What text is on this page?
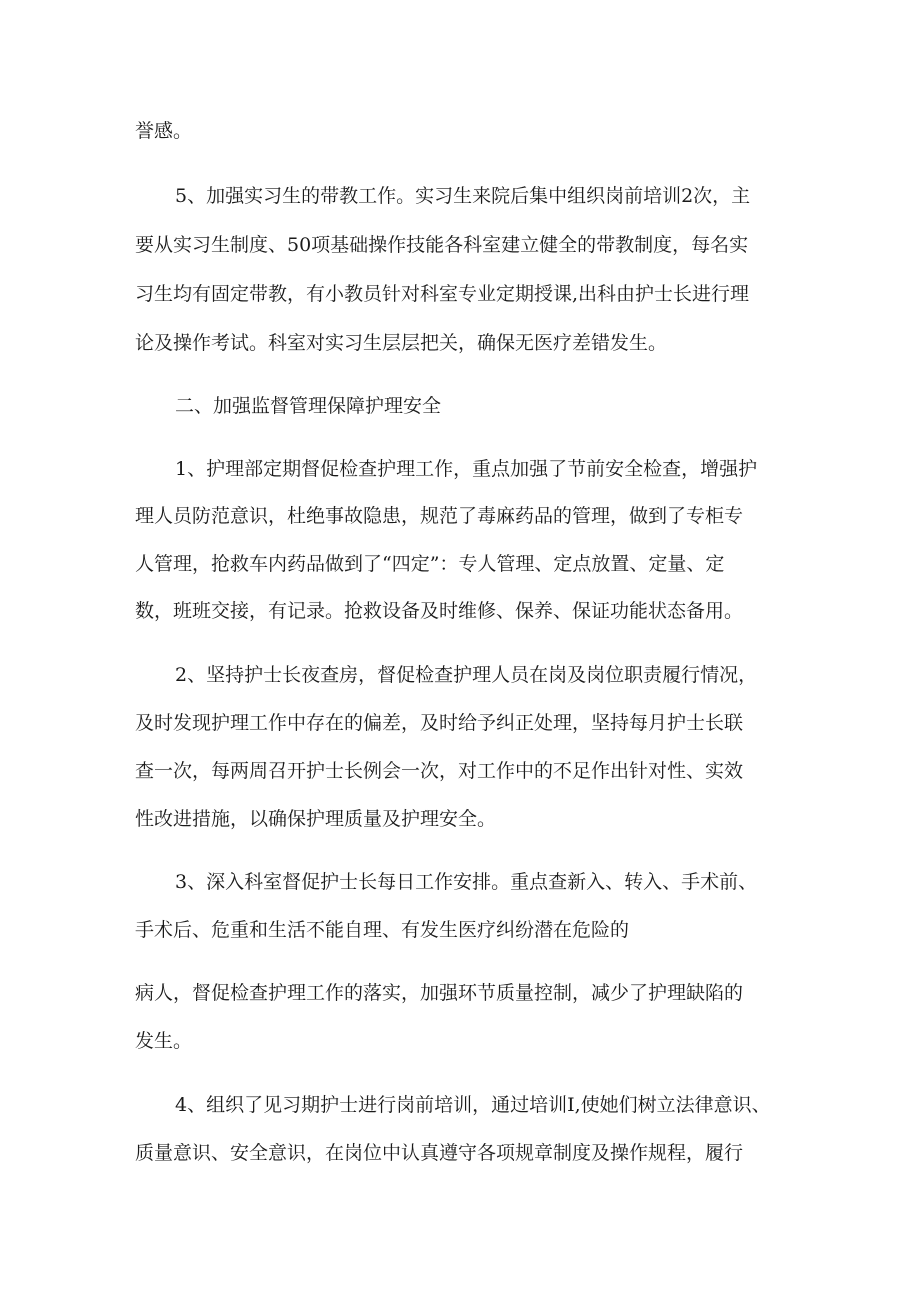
誉感。
5、加强实习生的带教工作。实习生来院后集中组织岗前培训2次，主
要从实习生制度、50项基础操作技能各科室建立健全的带教制度，每名实
习生均有固定带教，有小教员针对科室专业定期授课,出科由护士长进行理
论及操作考试。科室对实习生层层把关，确保无医疗差错发生。
二、加强监督管理保障护理安全
1、护理部定期督促检查护理工作，重点加强了节前安全检查，增强护
理人员防范意识，杜绝事故隐患，规范了毒麻药品的管理，做到了专柜专
人管理，抢救车内药品做到了“四定”：专人管理、定点放置、定量、定
数，班班交接，有记录。抢救设备及时维修、保养、保证功能状态备用。
2、坚持护士长夜查房，督促检查护理人员在岗及岗位职责履行情况，
及时发现护理工作中存在的偏差，及时给予纠正处理，坚持每月护士长联
查一次，每两周召开护士长例会一次，对工作中的不足作出针对性、实效
性改进措施，以确保护理质量及护理安全。
3、深入科室督促护士长每日工作安排。重点查新入、转入、手术前、
手术后、危重和生活不能自理、有发生医疗纠纷潜在危险的
病人，督促检查护理工作的落实，加强环节质量控制，减少了护理缺陷的
发生。
4、组织了见习期护士进行岗前培训，通过培训I,使她们树立法律意识、
质量意识、安全意识，在岗位中认真遵守各项规章制度及操作规程，履行
